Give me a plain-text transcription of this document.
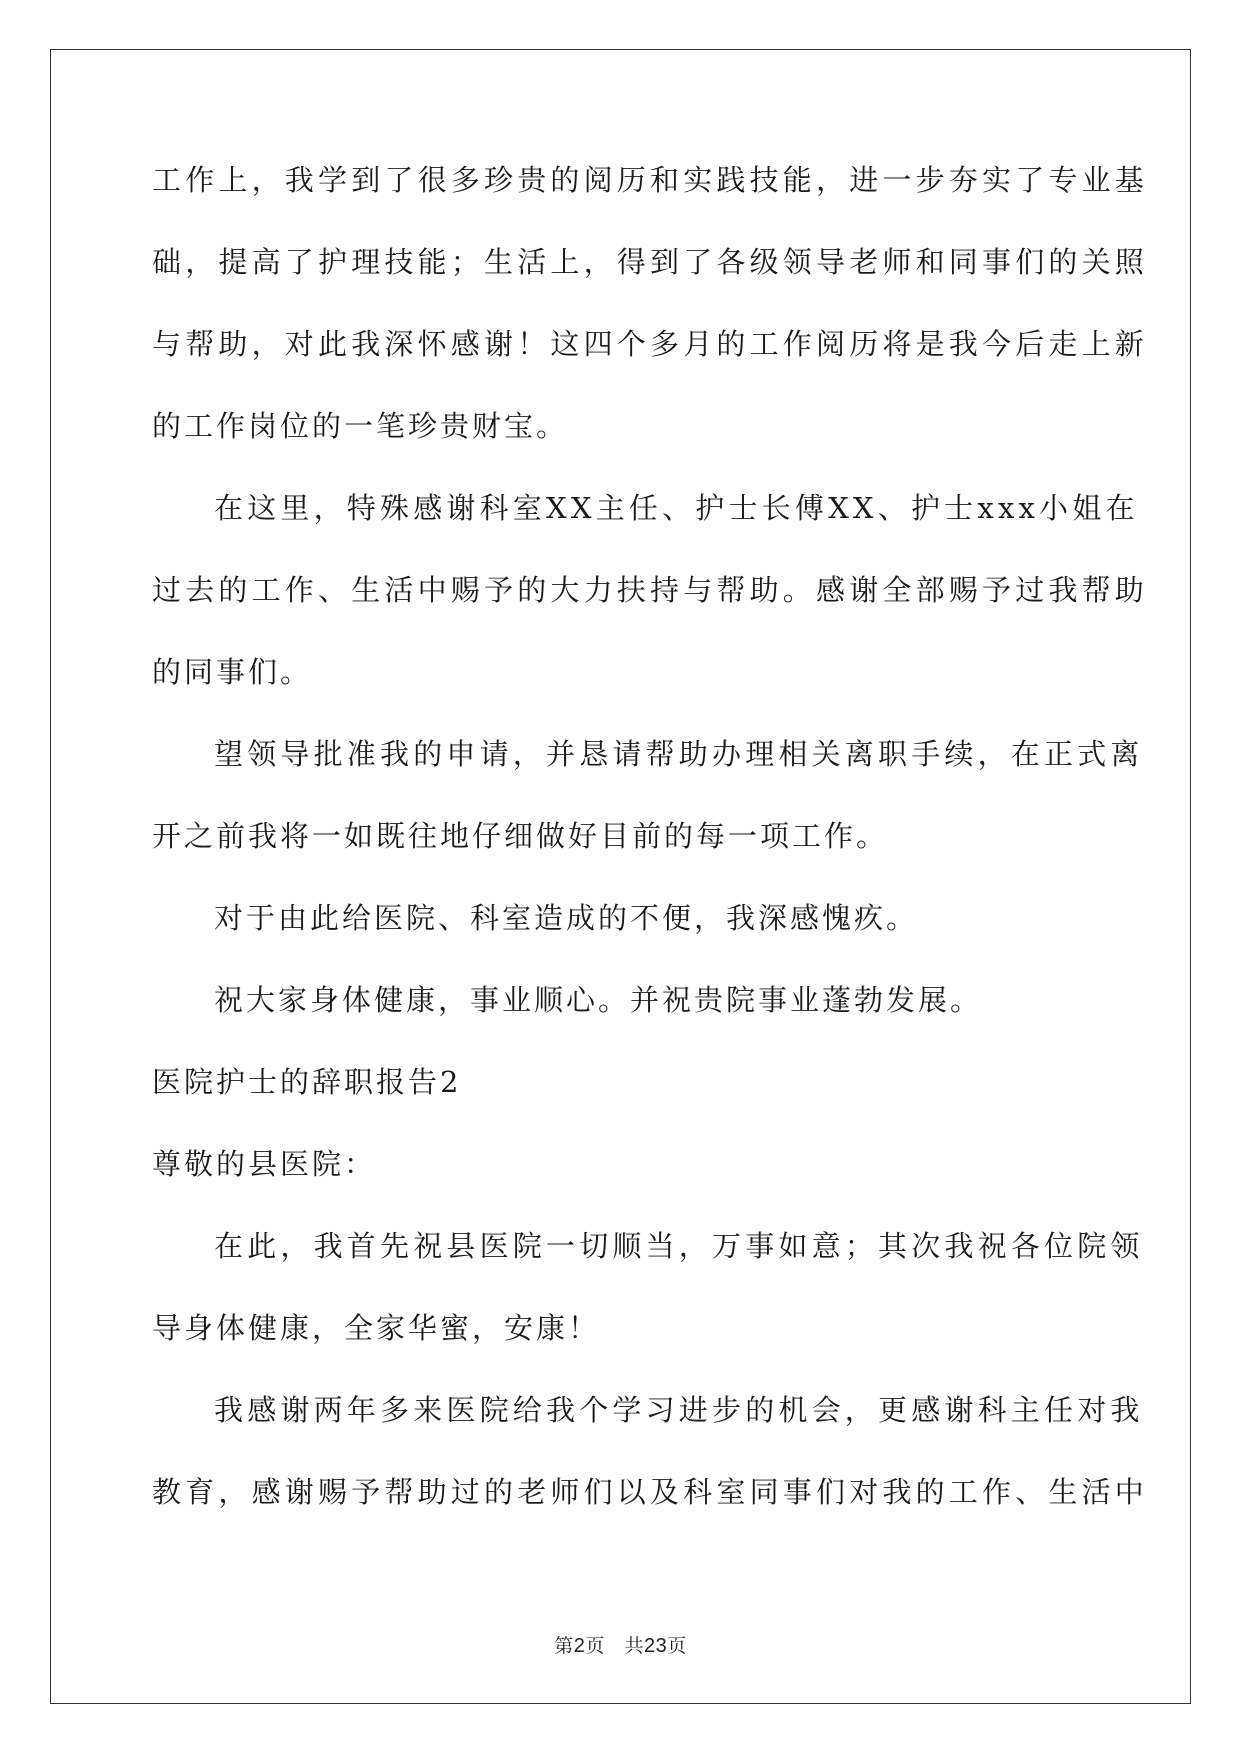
工作上，我学到了很多珍贵的阅历和实践技能，进一步夯实了专业基
础，提高了护理技能；生活上，得到了各级领导老师和同事们的关照
与帮助，对此我深怀感谢！这四个多月的工作阅历将是我今后走上新
的工作岗位的一笔珍贵财宝。
在这里，特殊感谢科室XX主任、护士长傅XX、护士xxx小姐在
过去的工作、生活中赐予的大力扶持与帮助。感谢全部赐予过我帮助
的同事们。
望领导批准我的申请，并恳请帮助办理相关离职手续，在正式离
开之前我将一如既往地仔细做好目前的每一项工作。
对于由此给医院、科室造成的不便，我深感愧疚。
祝大家身体健康，事业顺心。并祝贵院事业蓬勃发展。
医院护士的辞职报告2
尊敬的县医院：
在此，我首先祝县医院一切顺当，万事如意；其次我祝各位院领
导身体健康，全家华蜜，安康！
我感谢两年多来医院给我个学习进步的机会，更感谢科主任对我
教育，感谢赐予帮助过的老师们以及科室同事们对我的工作、生活中
第2页 共23页
